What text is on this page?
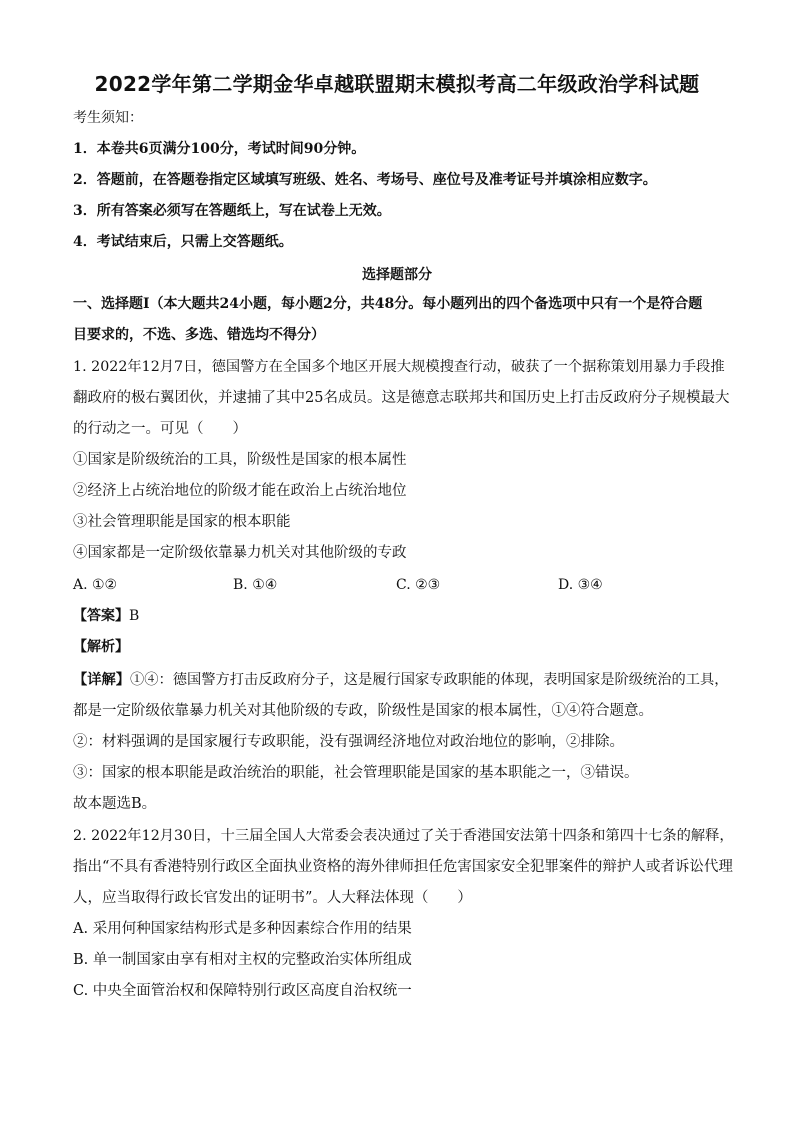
2022学年第二学期金华卓越联盟期末模拟考高二年级政治学科试题
考生须知：
1．本卷共6页满分100分，考试时间90分钟。
2．答题前，在答题卷指定区域填写班级、姓名、考场号、座位号及准考证号并填涂相应数字。
3．所有答案必须写在答题纸上，写在试卷上无效。
4．考试结束后，只需上交答题纸。
选择题部分
一、选择题Ⅰ（本大题共24小题，每小题2分，共48分。每小题列出的四个备选项中只有一个是符合题
目要求的，不选、多选、错选均不得分）
1. 2022年12月7日，德国警方在全国多个地区开展大规模搜查行动，破获了一个据称策划用暴力手段推
翻政府的极右翼团伙，并逮捕了其中25名成员。这是德意志联邦共和国历史上打击反政府分子规模最大
的行动之一。可见（　　）
①国家是阶级统治的工具，阶级性是国家的根本属性
②经济上占统治地位的阶级才能在政治上占统治地位
③社会管理职能是国家的根本职能
④国家都是一定阶级依靠暴力机关对其他阶级的专政
A. ①②	B. ①④	C. ②③	D. ③④
【答案】B
【解析】
【详解】①④：德国警方打击反政府分子，这是履行国家专政职能的体现，表明国家是阶级统治的工具，
都是一定阶级依靠暴力机关对其他阶级的专政，阶级性是国家的根本属性，①④符合题意。
②：材料强调的是国家履行专政职能，没有强调经济地位对政治地位的影响，②排除。
③：国家的根本职能是政治统治的职能，社会管理职能是国家的基本职能之一，③错误。
故本题选B。
2. 2022年12月30日，十三届全国人大常委会表决通过了关于香港国安法第十四条和第四十七条的解释，
指出“不具有香港特别行政区全面执业资格的海外律师担任危害国家安全犯罪案件的辩护人或者诉讼代理
人，应当取得行政长官发出的证明书”。人大释法体现（　　）
A. 采用何种国家结构形式是多种因素综合作用的结果
B. 单一制国家由享有相对主权的完整政治实体所组成
C. 中央全面管治权和保障特别行政区高度自治权统一
